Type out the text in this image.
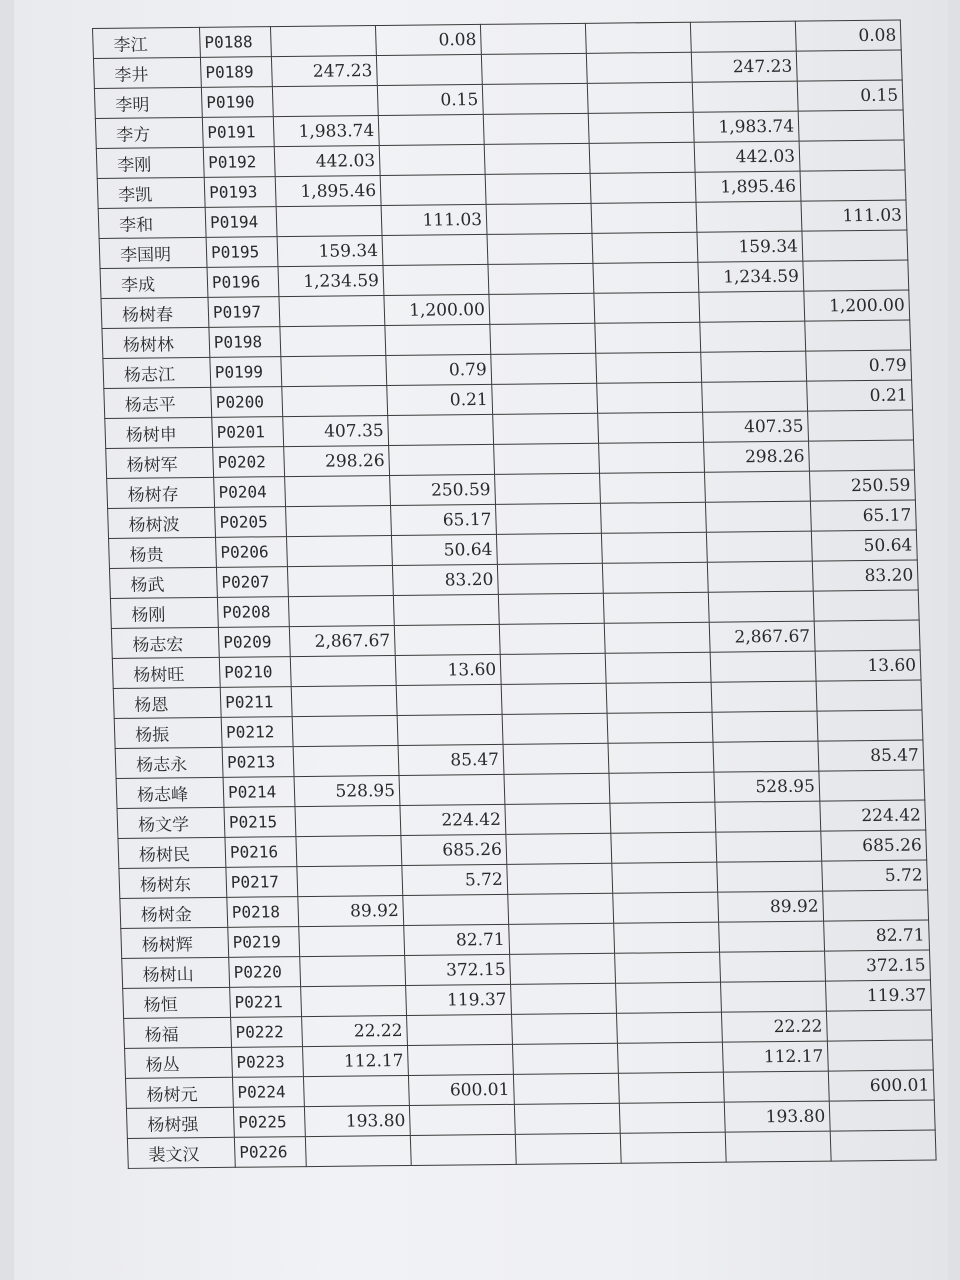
李江	P0188		0.08				0.08
李井	P0189	247.23				247.23	
李明	P0190		0.15				0.15
李方	P0191	1,983.74				1,983.74	
李刚	P0192	442.03				442.03	
李凯	P0193	1,895.46				1,895.46	
李和	P0194		111.03				111.03
李国明	P0195	159.34				159.34	
李成	P0196	1,234.59				1,234.59	
杨树春	P0197		1,200.00				1,200.00
杨树林	P0198						
杨志江	P0199		0.79				0.79
杨志平	P0200		0.21				0.21
杨树申	P0201	407.35				407.35	
杨树军	P0202	298.26				298.26	
杨树存	P0204		250.59				250.59
杨树波	P0205		65.17				65.17
杨贵	P0206		50.64				50.64
杨武	P0207		83.20				83.20
杨刚	P0208						
杨志宏	P0209	2,867.67				2,867.67	
杨树旺	P0210		13.60				13.60
杨恩	P0211						
杨振	P0212						
杨志永	P0213		85.47				85.47
杨志峰	P0214	528.95				528.95	
杨文学	P0215		224.42				224.42
杨树民	P0216		685.26				685.26
杨树东	P0217		5.72				5.72
杨树金	P0218	89.92				89.92	
杨树辉	P0219		82.71				82.71
杨树山	P0220		372.15				372.15
杨恒	P0221		119.37				119.37
杨福	P0222	22.22				22.22	
杨丛	P0223	112.17				112.17	
杨树元	P0224		600.01				600.01
杨树强	P0225	193.80				193.80	
裴文汉	P0226						
